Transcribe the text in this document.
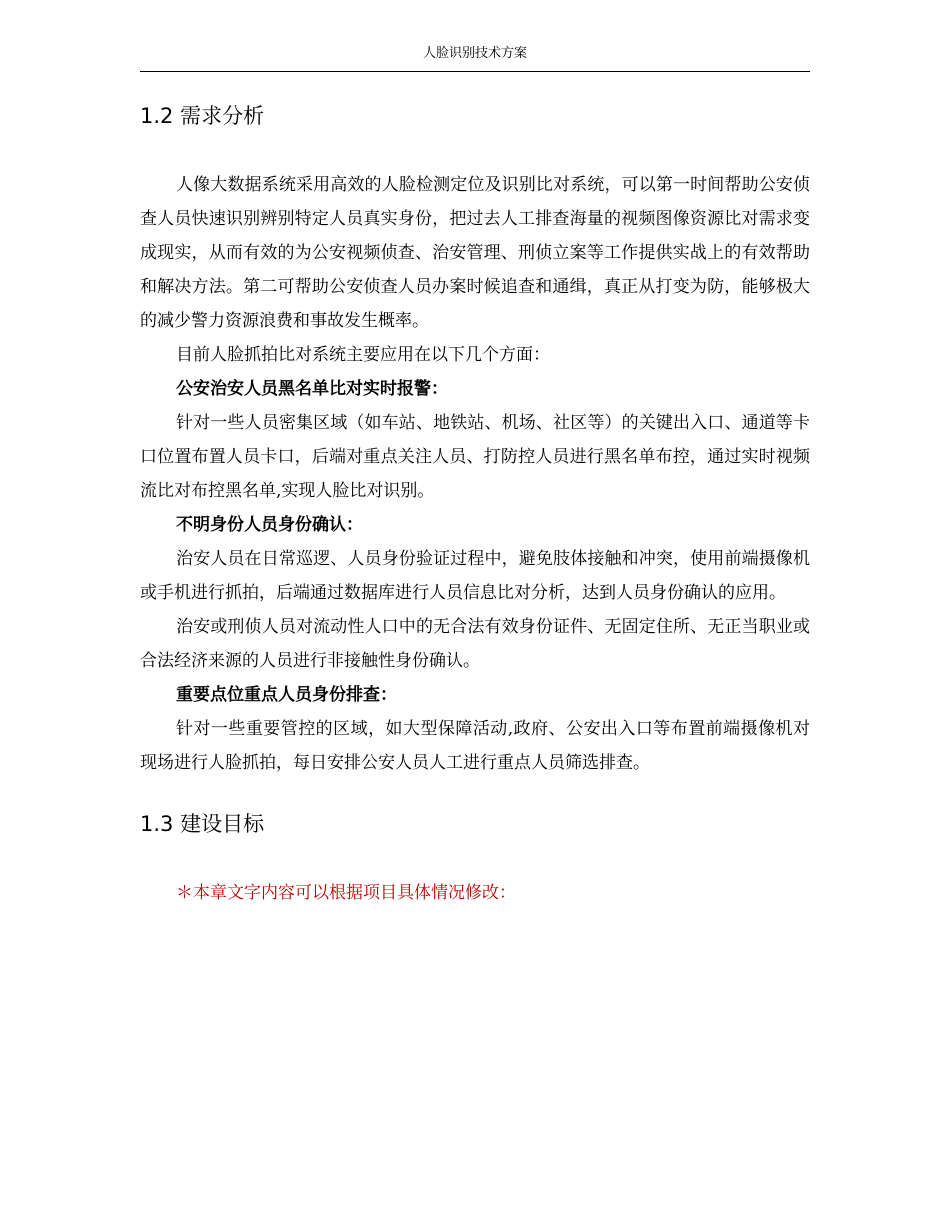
人脸识别技术方案
1.2 需求分析

人像大数据系统采用高效的人脸检测定位及识别比对系统，可以第一时间帮助公安侦查人员快速识别辨别特定人员真实身份，把过去人工排查海量的视频图像资源比对需求变成现实，从而有效的为公安视频侦查、治安管理、刑侦立案等工作提供实战上的有效帮助和解决方法。第二可帮助公安侦查人员办案时候追查和通缉，真正从打变为防，能够极大的减少警力资源浪费和事故发生概率。

目前人脸抓拍比对系统主要应用在以下几个方面：

公安治安人员黑名单比对实时报警：

针对一些人员密集区域（如车站、地铁站、机场、社区等）的关键出入口、通道等卡口位置布置人员卡口，后端对重点关注人员、打防控人员进行黑名单布控，通过实时视频流比对布控黑名单,实现人脸比对识别。

不明身份人员身份确认：

治安人员在日常巡逻、人员身份验证过程中，避免肢体接触和冲突，使用前端摄像机或手机进行抓拍，后端通过数据库进行人员信息比对分析，达到人员身份确认的应用。

治安或刑侦人员对流动性人口中的无合法有效身份证件、无固定住所、无正当职业或合法经济来源的人员进行非接触性身份确认。

重要点位重点人员身份排查：

针对一些重要管控的区域，如大型保障活动,政府、公安出入口等布置前端摄像机对现场进行人脸抓拍，每日安排公安人员人工进行重点人员筛选排查。

1.3 建设目标

＊本章文字内容可以根据项目具体情况修改：
